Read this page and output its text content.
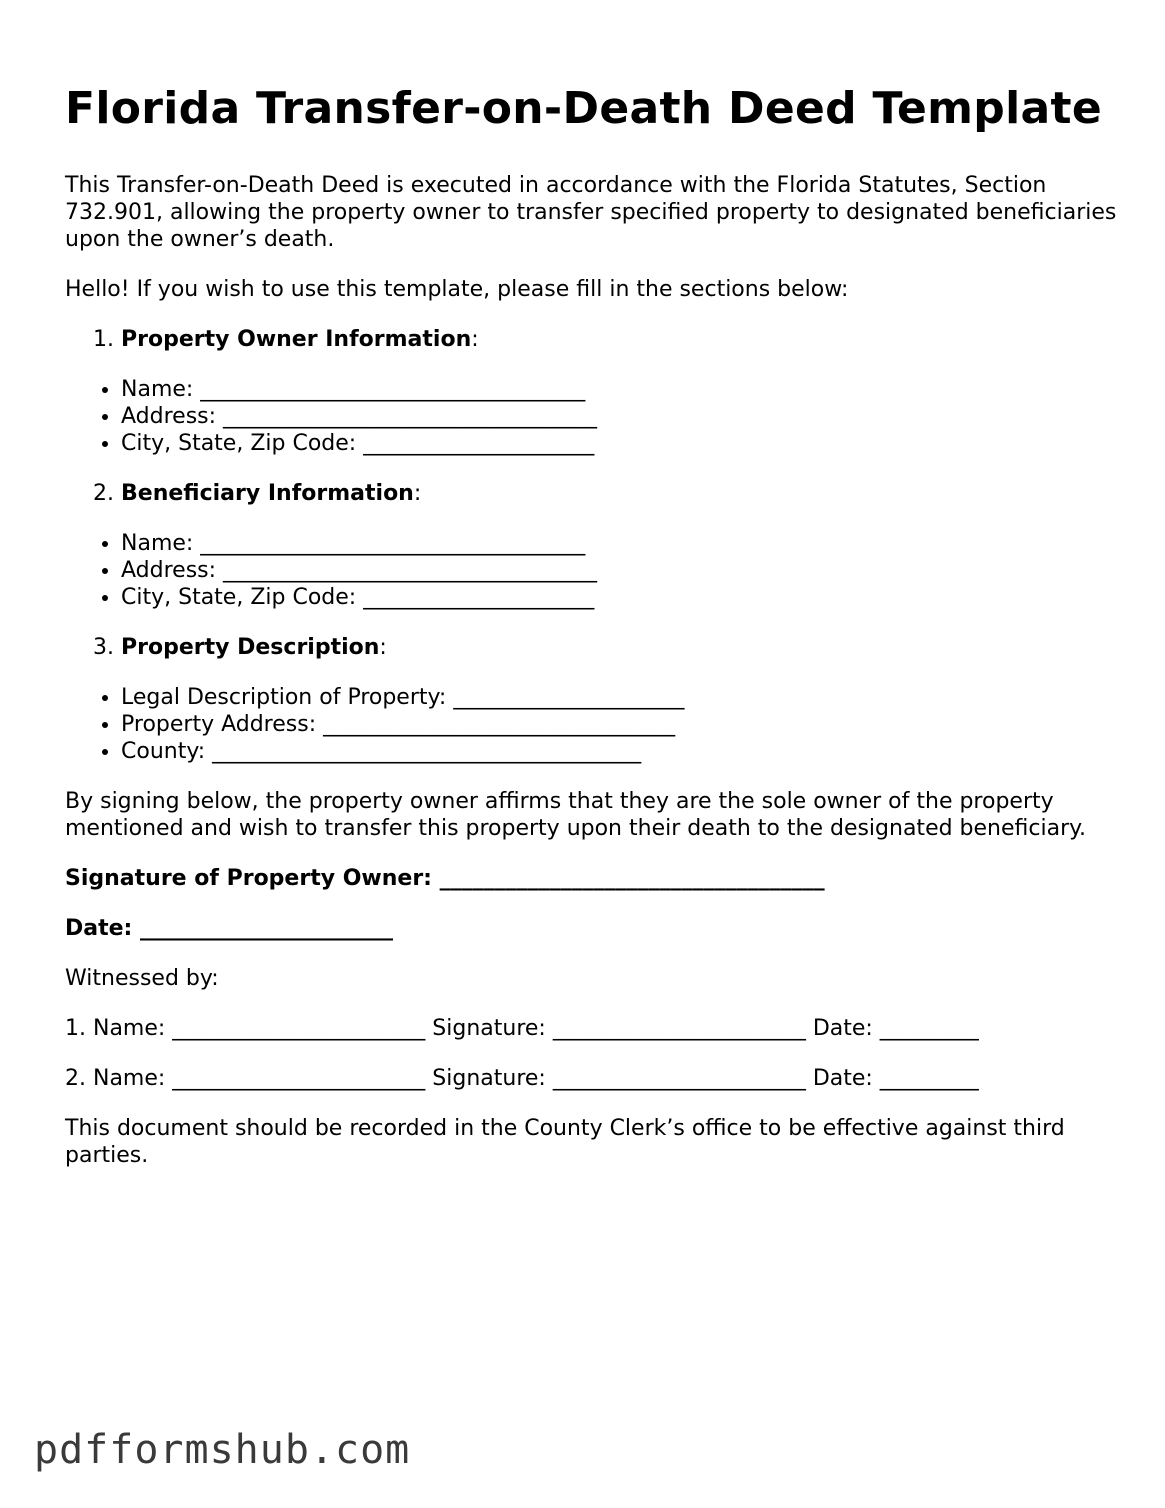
Florida Transfer-on-Death Deed Template

This Transfer-on-Death Deed is executed in accordance with the Florida Statutes, Section 732.901, allowing the property owner to transfer specified property to designated beneficiaries upon the owner’s death.

Hello! If you wish to use this template, please fill in the sections below:

1. Property Owner Information:
• Name: ___________________________________
• Address: __________________________________
• City, State, Zip Code: _____________________
2. Beneficiary Information:
• Name: ___________________________________
• Address: __________________________________
• City, State, Zip Code: _____________________
3. Property Description:
• Legal Description of Property: _____________________
• Property Address: ________________________________
• County: _______________________________________

By signing below, the property owner affirms that they are the sole owner of the property mentioned and wish to transfer this property upon their death to the designated beneficiary.

Signature of Property Owner: ___________________________________

Date: _______________________

Witnessed by:

1. Name: _______________________ Signature: _______________________ Date: _________

2. Name: _______________________ Signature: _______________________ Date: _________

This document should be recorded in the County Clerk’s office to be effective against third parties.

pdfformshub.com
